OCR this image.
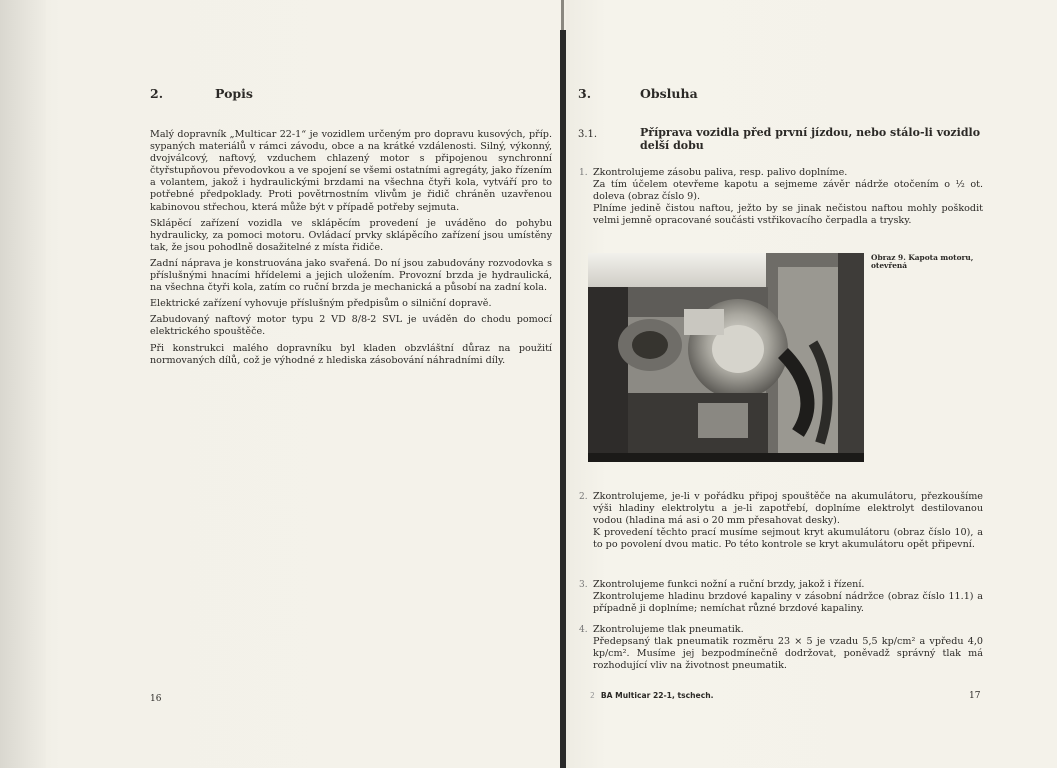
2.	Popis

Malý dopravník „Multicar 22-1“ je vozidlem určeným pro dopravu kusových, příp. sypaných materiálů v rámci závodu, obce a na krátké vzdálenosti. Silný, výkonný, dvojválcový, naftový, vzduchem chlazený motor s připojenou synchronní čtyřstupňovou převodovkou a ve spojení se všemi ostatními agregáty, jako řízením a volantem, jakož i hydraulickými brzdami na všechna čtyři kola, vytváří pro to potřebné předpoklady. Proti povětrnostním vlivům je řidič chráněn uzavřenou kabinovou střechou, která může být v případě potřeby sejmuta.

Sklápěcí zařízení vozidla ve sklápěcím provedení je uváděno do pohybu hydraulicky, za pomoci motoru. Ovládací prvky sklápěcího zařízení jsou umístěny tak, že jsou pohodlně dosažitelné z místa řidiče.

Zadní náprava je konstruována jako svařená. Do ní jsou zabudovány rozvodovka s příslušnými hnacími hřídelemi a jejich uložením. Provozní brzda je hydraulická, na všechna čtyři kola, zatím co ruční brzda je mechanická a působí na zadní kola.

Elektrické zařízení vyhovuje příslušným předpisům o silniční dopravě.

Zabudovaný naftový motor typu 2 VD 8/8-2 SVL je uváděn do chodu pomocí elektrického spouštěče.

Při konstrukci malého dopravníku byl kladen obzvláštní důraz na použití normovaných dílů, což je výhodné z hlediska zásobování náhradními díly.

16
3.	Obsluha
3.1.	Příprava vozidla před první jízdou, nebo stálo-li vozidlo delší dobu
1. Zkontrolujeme zásobu paliva, resp. palivo doplníme.

Za tím účelem otevřeme kapotu a sejmeme závěr nádrže otočením o ½ ot. doleva (obraz číslo 9).

Plníme jedině čistou naftou, ježto by se jinak nečistou naftou mohly poškodit velmi jemně opracované součásti vstřikovacího čerpadla a trysky.

Obraz 9. Kapota motoru, otevřená
2. Zkontrolujeme, je-li v pořádku připoj spouštěče na akumulátoru, přezkoušíme výši hladiny elektrolytu a je-li zapotřebí, doplníme elektrolyt destilovanou vodou (hladina má asi o 20 mm přesahovat desky).

K provedení těchto prací musíme sejmout kryt akumulátoru (obraz číslo 10), a to po povolení dvou matic. Po této kontrole se kryt akumulátoru opět připevní.

3. Zkontrolujeme funkci nožní a ruční brzdy, jakož i řízení.

Zkontrolujeme hladinu brzdové kapaliny v zásobní nádržce (obraz číslo 11.1) a případně ji doplníme; nemíchat různé brzdové kapaliny.

4. Zkontrolujeme tlak pneumatik.

Předepsaný tlak pneumatik rozměru 23 × 5 je vzadu 5,5 kp/cm² a vpředu 4,0 kp/cm². Musíme jej bezpodmínečně dodržovat, poněvadž správný tlak má rozhodující vliv na životnost pneumatik.

2 BA Multicar 22-1, tschech.	17
